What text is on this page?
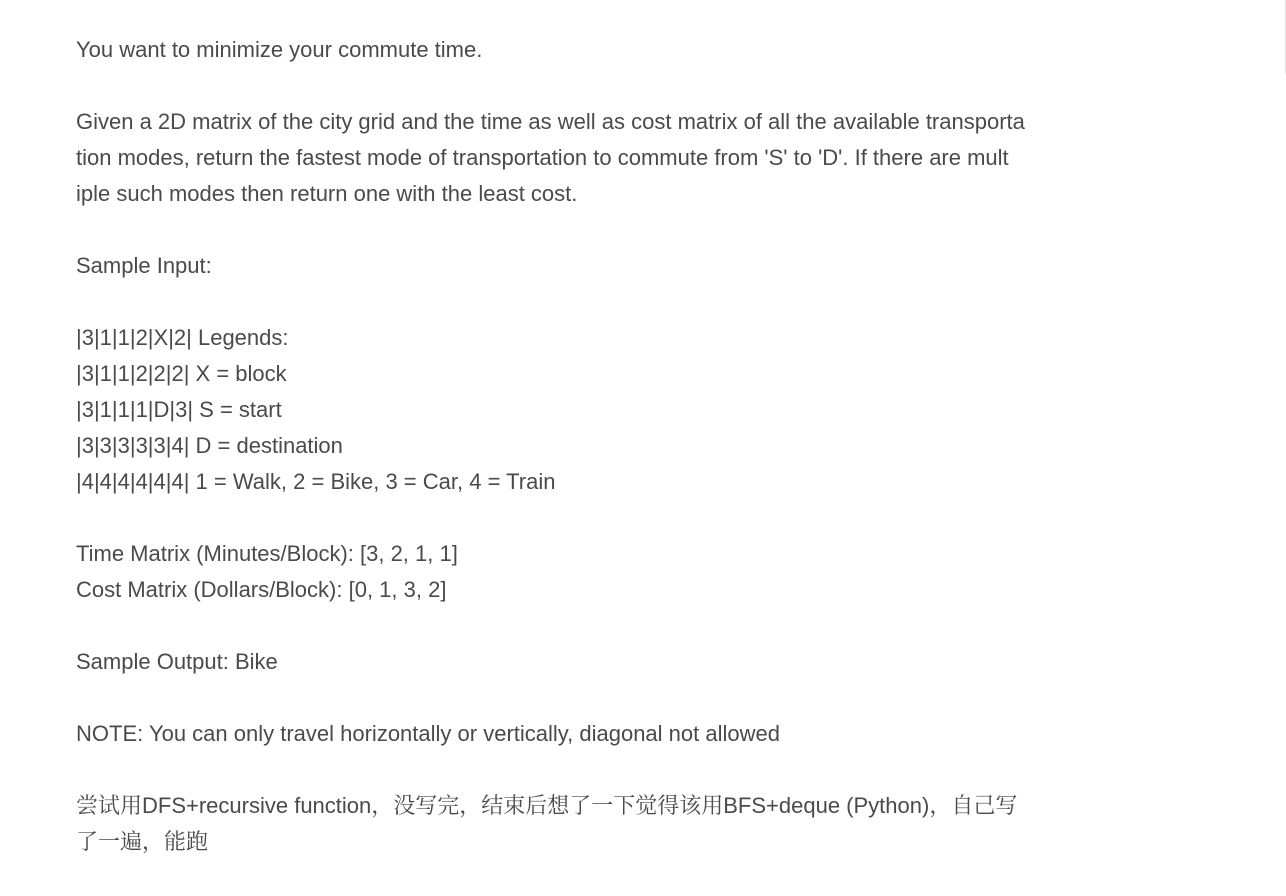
You want to minimize your commute time.
Given a 2D matrix of the city grid and the time as well as cost matrix of all the available transporta
tion modes, return the fastest mode of transportation to commute from 'S' to 'D'. If there are mult
iple such modes then return one with the least cost.
Sample Input:
|3|1|1|2|X|2| Legends:
|3|1|1|2|2|2| X = block
|3|1|1|1|D|3| S = start
|3|3|3|3|3|4| D = destination
|4|4|4|4|4|4| 1 = Walk, 2 = Bike, 3 = Car, 4 = Train
Time Matrix (Minutes/Block): [3, 2, 1, 1]
Cost Matrix (Dollars/Block): [0, 1, 3, 2]
Sample Output: Bike
NOTE: You can only travel horizontally or vertically, diagonal not allowed
尝试用DFS+recursive function，没写完，结束后想了一下觉得该用BFS+deque (Python)，自己写
了一遍，能跑
